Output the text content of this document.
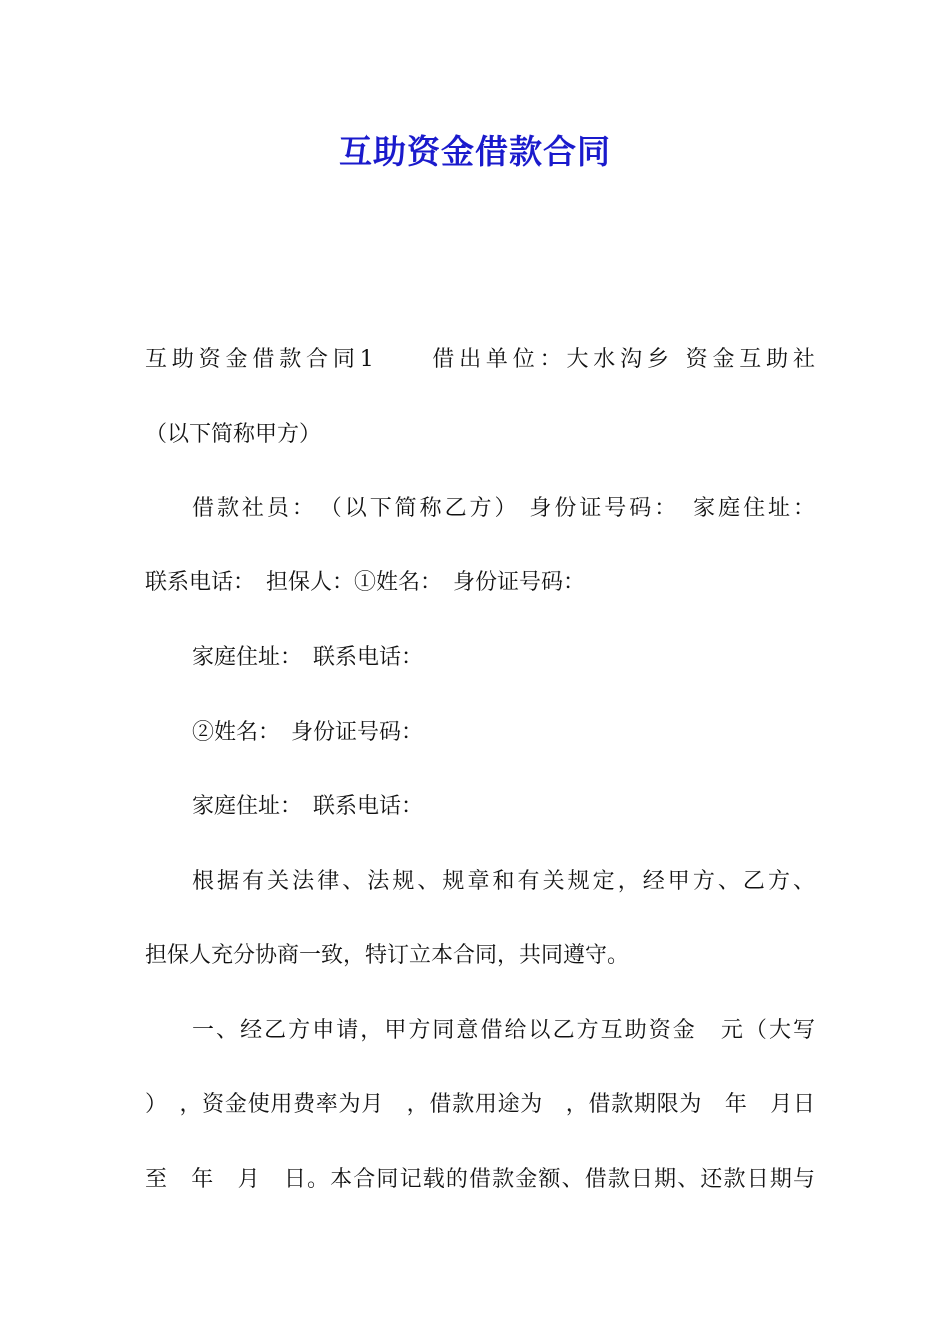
互助资金借款合同
互助资金借款合同1　　借出单位：大水沟乡 资金互助社
（以下简称甲方）
借款社员：　（以下简称乙方） 身份证号码：　家庭住址：
联系电话：　担保人：①姓名：　身份证号码：
家庭住址：　联系电话：
②姓名：　身份证号码：
家庭住址：　联系电话：
根据有关法律、法规、规章和有关规定，经甲方、乙方、
担保人充分协商一致，特订立本合同，共同遵守。
一、经乙方申请，甲方同意借给以乙方互助资金　元（大写
）　，资金使用费率为月　，借款用途为　，借款期限为　年　月日
至　年　月　日。本合同记载的借款金额、借款日期、还款日期与
